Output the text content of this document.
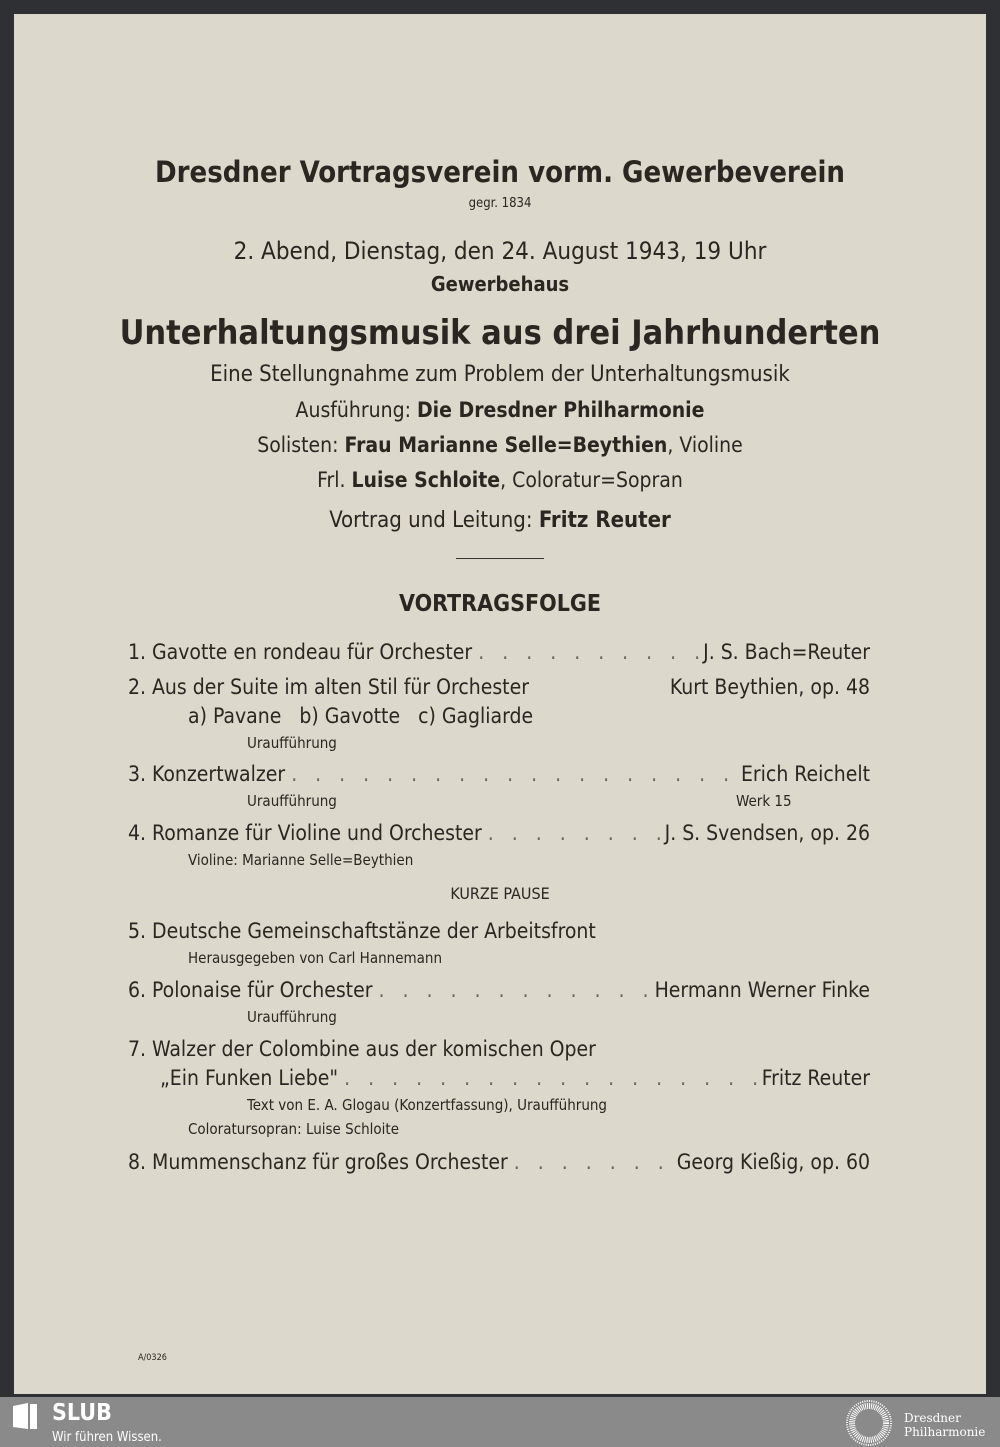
Dresdner Vortragsverein vorm. Gewerbeverein
gegr. 1834
2. Abend, Dienstag, den 24. August 1943, 19 Uhr
Gewerbehaus
Unterhaltungsmusik aus drei Jahrhunderten
Eine Stellungnahme zum Problem der Unterhaltungsmusik
Ausführung: Die Dresdner Philharmonie
Solisten: Frau Marianne Selle=Beythien, Violine
Frl. Luise Schloite, Coloratur=Sopran
Vortrag und Leitung: Fritz Reuter
VORTRAGSFOLGE
1. Gavotte en rondeau für Orchester . . .	J. S. Bach=Reuter
2. Aus der Suite im alten Stil für Orchester	Kurt Beythien, op. 48
a) Pavane   b) Gavotte   c) Gagliarde
Uraufführung
3. Konzertwalzer . . .	Erich Reichelt
Uraufführung	Werk 15
4. Romanze für Violine und Orchester . . .	J. S. Svendsen, op. 26
Violine: Marianne Selle=Beythien
KURZE PAUSE
5. Deutsche Gemeinschaftstänze der Arbeitsfront
Herausgegeben von Carl Hannemann
6. Polonaise für Orchester . . .	Hermann Werner Finke
Uraufführung
7. Walzer der Colombine aus der komischen Oper
„Ein Funken Liebe" . . .	Fritz Reuter
Text von E. A. Glogau (Konzertfassung), Uraufführung
Coloratursopran: Luise Schloite
8. Mummenschanz für großes Orchester . . .	Georg Kießig, op. 60
A/0326
SLUB
Wir führen Wissen.
Dresdner
Philharmonie
